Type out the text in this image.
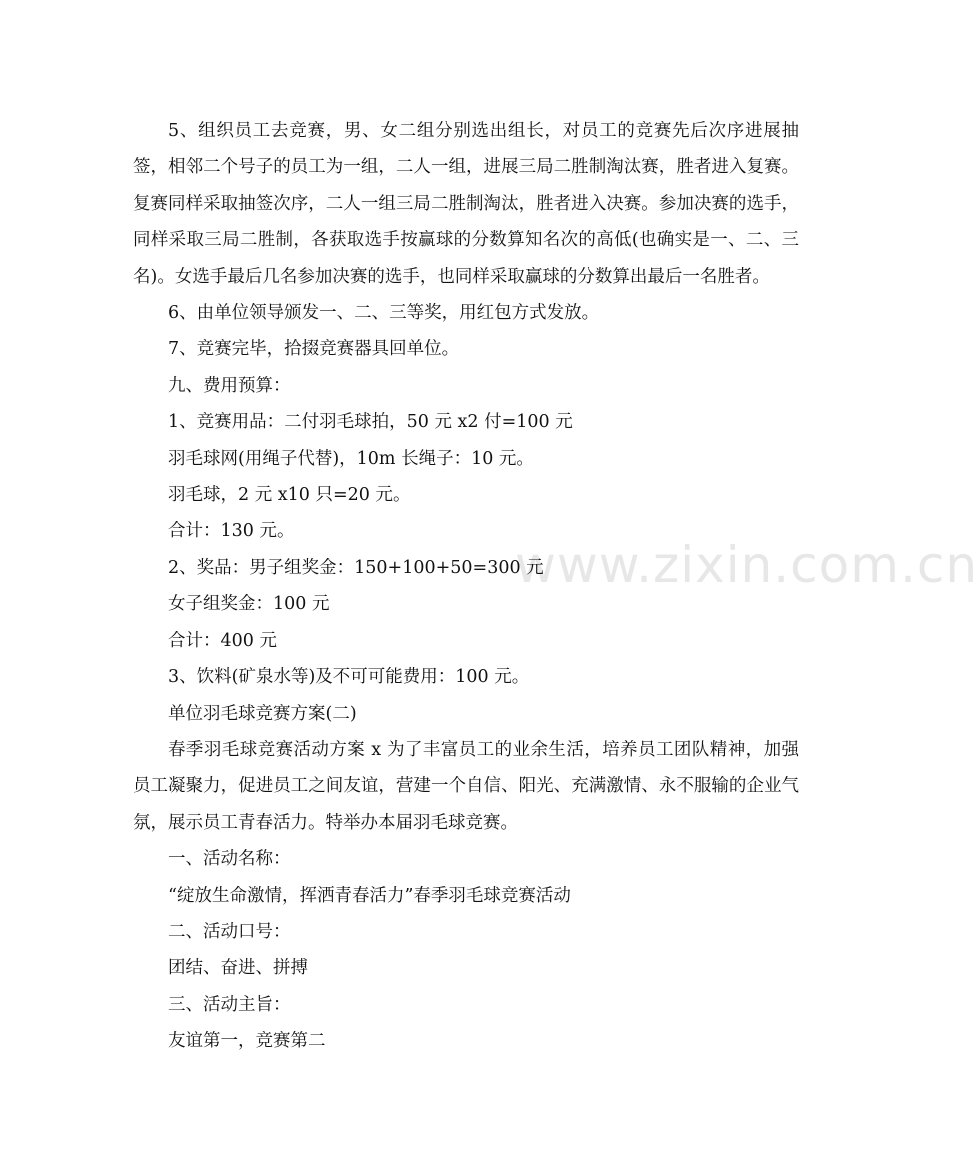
www.zixin.com.cn

5、组织员工去竞赛，男、女二组分别选出组长，对员工的竞赛先后次序进展抽签，相邻二个号子的员工为一组，二人一组，进展三局二胜制淘汰赛，胜者进入复赛。复赛同样采取抽签次序，二人一组三局二胜制淘汰，胜者进入决赛。参加决赛的选手，同样采取三局二胜制，各获取选手按赢球的分数算知名次的高低(也确实是一、二、三名)。女选手最后几名参加决赛的选手，也同样采取赢球的分数算出最后一名胜者。

6、由单位领导颁发一、二、三等奖，用红包方式发放。
7、竞赛完毕，拾掇竞赛器具回单位。
九、费用预算：
1、竞赛用品：二付羽毛球拍，50 元 x2 付=100 元
羽毛球网(用绳子代替)，10m 长绳子：10 元。
羽毛球，2 元 x10 只=20 元。
合计：130 元。
2、奖品：男子组奖金：150+100+50=300 元
女子组奖金：100 元
合计：400 元
3、饮料(矿泉水等)及不可可能费用：100 元。
单位羽毛球竞赛方案(二)

春季羽毛球竞赛活动方案 x 为了丰富员工的业余生活，培养员工团队精神，加强员工凝聚力，促进员工之间友谊，营建一个自信、阳光、充满激情、永不服输的企业气氛，展示员工青春活力。特举办本届羽毛球竞赛。

一、活动名称：
“绽放生命激情，挥洒青春活力”春季羽毛球竞赛活动
二、活动口号：
团结、奋进、拼搏
三、活动主旨：
友谊第一，竞赛第二
